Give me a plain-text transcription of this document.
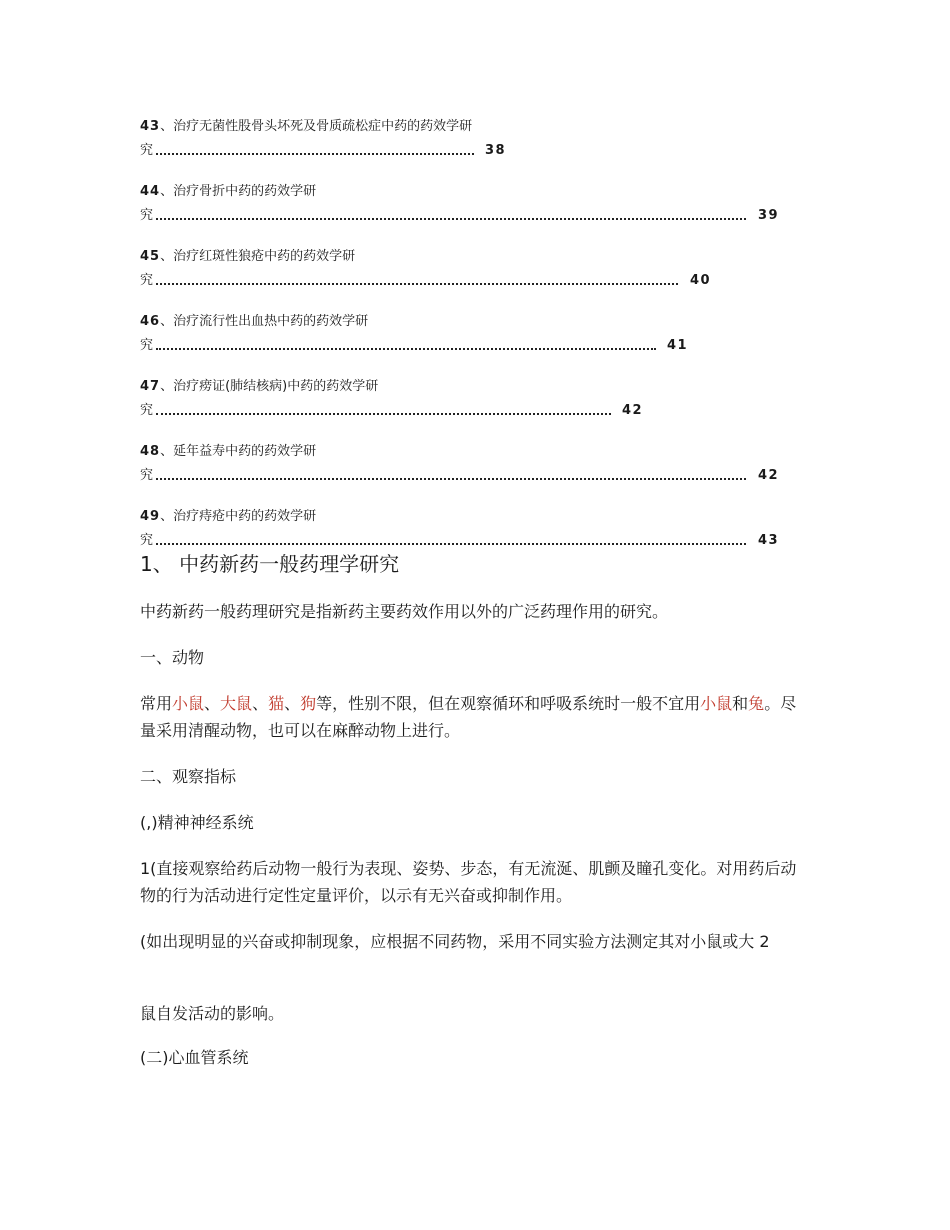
43、治疗无菌性股骨头坏死及骨质疏松症中药的药效学研
究	38
44、治疗骨折中药的药效学研
究	39
45、治疗红斑性狼疮中药的药效学研
究	40
46、治疗流行性出血热中药的药效学研
究	41
47、治疗痨证(肺结核病)中药的药效学研
究	42
48、延年益寿中药的药效学研
究	42
49、治疗痔疮中药的药效学研
究	43
1、 中药新药一般药理学研究
中药新药一般药理研究是指新药主要药效作用以外的广泛药理作用的研究。
一、动物
常用小鼠、大鼠、猫、狗等，性别不限，但在观察循环和呼吸系统时一般不宜用小鼠和兔。尽量采用清醒动物，也可以在麻醉动物上进行。
二、观察指标
(,)精神神经系统
1(直接观察给药后动物一般行为表现、姿势、步态，有无流涎、肌颤及瞳孔变化。对用药后动物的行为活动进行定性定量评价，以示有无兴奋或抑制作用。
(如出现明显的兴奋或抑制现象，应根据不同药物，采用不同实验方法测定其对小鼠或大 2
鼠自发活动的影响。
(二)心血管系统
